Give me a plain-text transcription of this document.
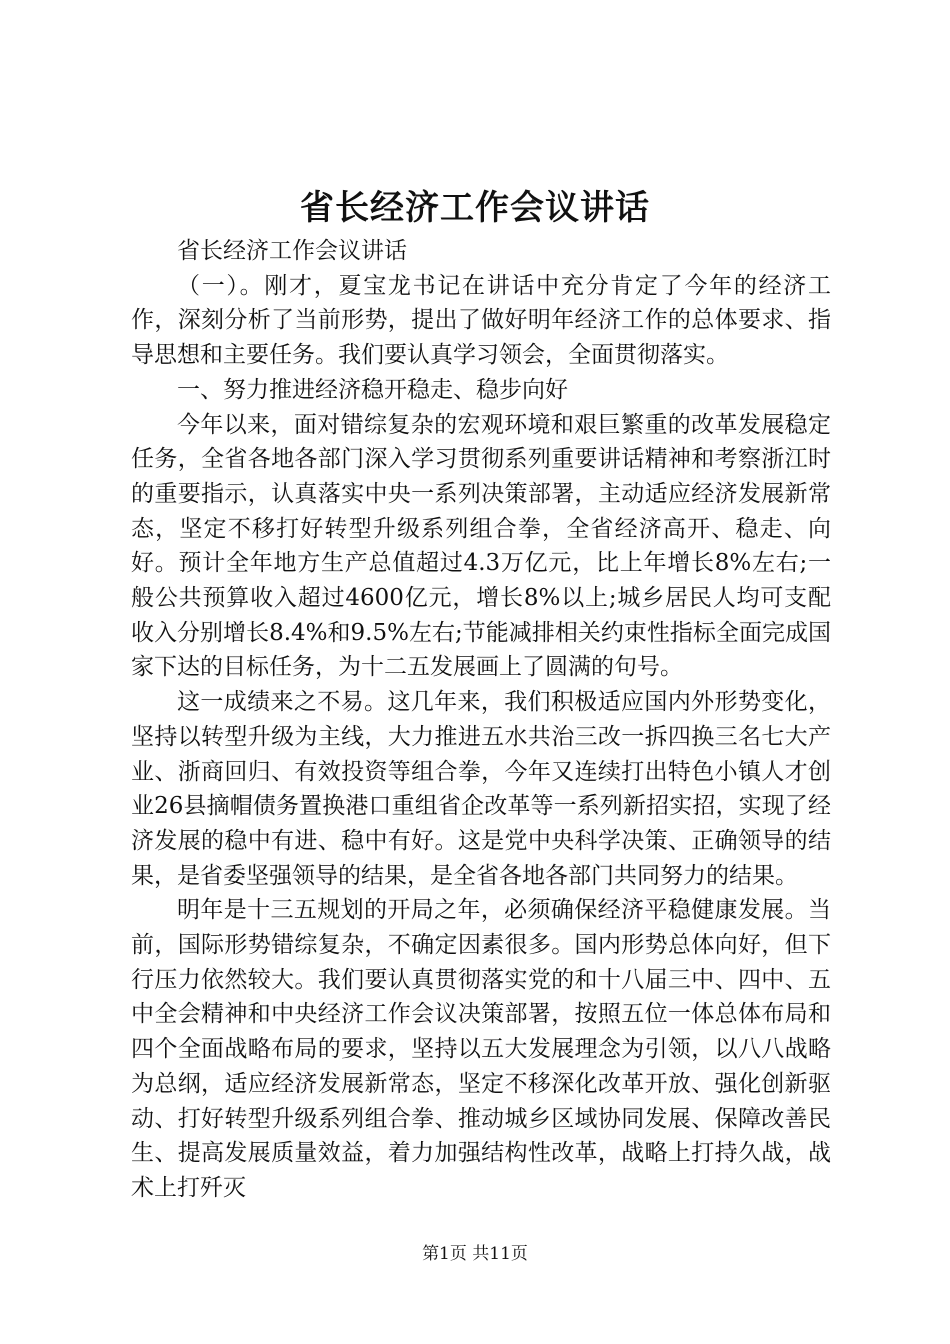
省长经济工作会议讲话

省长经济工作会议讲话

（一）。刚才，夏宝龙书记在讲话中充分肯定了今年的经济工作，深刻分析了当前形势，提出了做好明年经济工作的总体要求、指导思想和主要任务。我们要认真学习领会，全面贯彻落实。

一、努力推进经济稳开稳走、稳步向好

今年以来，面对错综复杂的宏观环境和艰巨繁重的改革发展稳定任务，全省各地各部门深入学习贯彻系列重要讲话精神和考察浙江时的重要指示，认真落实中央一系列决策部署，主动适应经济发展新常态，坚定不移打好转型升级系列组合拳，全省经济高开、稳走、向好。预计全年地方生产总值超过4.3万亿元，比上年增长8%左右;一般公共预算收入超过4600亿元，增长8%以上;城乡居民人均可支配收入分别增长8.4%和9.5%左右;节能减排相关约束性指标全面完成国家下达的目标任务，为十二五发展画上了圆满的句号。

这一成绩来之不易。这几年来，我们积极适应国内外形势变化，坚持以转型升级为主线，大力推进五水共治三改一拆四换三名七大产业、浙商回归、有效投资等组合拳，今年又连续打出特色小镇人才创业26县摘帽债务置换港口重组省企改革等一系列新招实招，实现了经济发展的稳中有进、稳中有好。这是党中央科学决策、正确领导的结果，是省委坚强领导的结果，是全省各地各部门共同努力的结果。

明年是十三五规划的开局之年，必须确保经济平稳健康发展。当前，国际形势错综复杂，不确定因素很多。国内形势总体向好，但下行压力依然较大。我们要认真贯彻落实党的和十八届三中、四中、五中全会精神和中央经济工作会议决策部署，按照五位一体总体布局和四个全面战略布局的要求，坚持以五大发展理念为引领，以八八战略为总纲，适应经济发展新常态，坚定不移深化改革开放、强化创新驱动、打好转型升级系列组合拳、推动城乡区域协同发展、保障改善民生、提高发展质量效益，着力加强结构性改革，战略上打持久战，战术上打歼灭

第1页 共11页
